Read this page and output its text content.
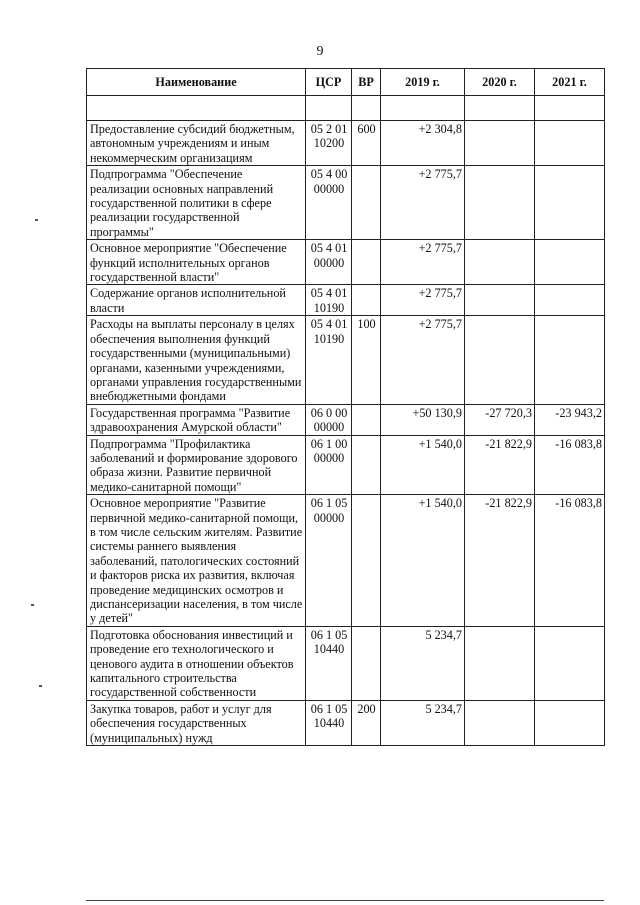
9
Наименование	ЦСР	ВР	2019 г.	2020 г.	2021 г.

Предоставление субсидий бюджетным, автономным учреждениям и иным некоммерческим организациям	05 2 01 10200	600	+2 304,8		
Подпрограмма "Обеспечение реализации основных направлений государственной политики в сфере реализации государственной программы"	05 4 00 00000		+2 775,7		
Основное мероприятие "Обеспечение функций исполнительных органов государственной власти"	05 4 01 00000		+2 775,7		
Содержание органов исполнительной власти	05 4 01 10190		+2 775,7		
Расходы на выплаты персоналу в целях обеспечения выполнения функций государственными (муниципальными) органами, казенными учреждениями, органами управления государственными внебюджетными фондами	05 4 01 10190	100	+2 775,7		
Государственная программа "Развитие здравоохранения Амурской области"	06 0 00 00000		+50 130,9	-27 720,3	-23 943,2
Подпрограмма "Профилактика заболеваний и формирование здорового образа жизни. Развитие первичной медико-санитарной помощи"	06 1 00 00000		+1 540,0	-21 822,9	-16 083,8
Основное мероприятие "Развитие первичной медико-санитарной помощи, в том числе сельским жителям. Развитие системы раннего выявления заболеваний, патологических состояний и факторов риска их развития, включая проведение медицинских осмотров и диспансеризации населения, в том числе у детей"	06 1 05 00000		+1 540,0	-21 822,9	-16 083,8
Подготовка обоснования инвестиций и проведение его технологического и ценового аудита в отношении объектов капитального строительства государственной собственности	06 1 05 10440		5 234,7		
Закупка товаров, работ и услуг для обеспечения государственных (муниципальных) нужд	06 1 05 10440	200	5 234,7		
